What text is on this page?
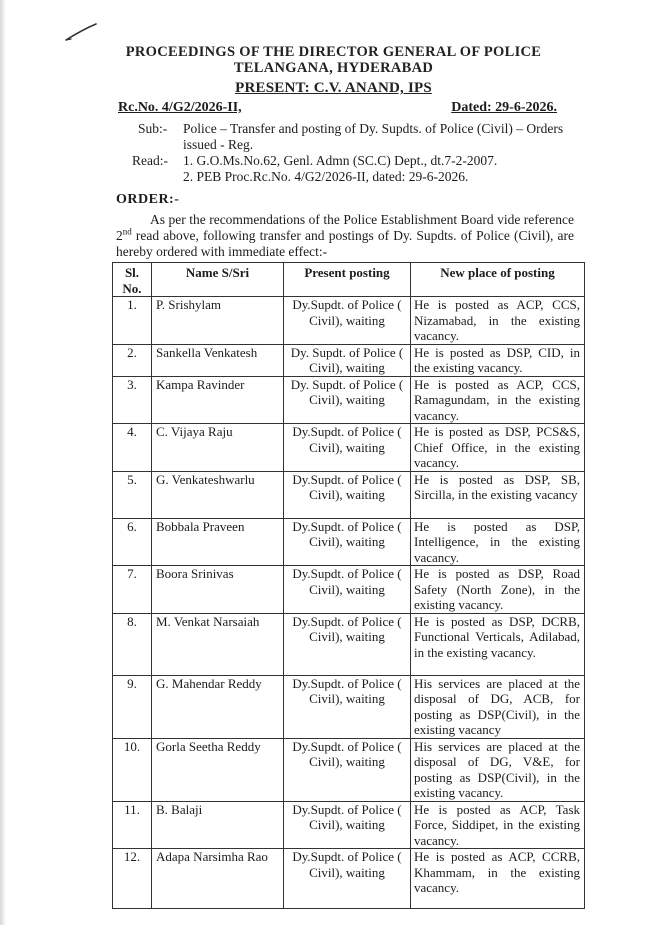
PROCEEDINGS OF THE DIRECTOR GENERAL OF POLICE
TELANGANA, HYDERABAD
PRESENT: C.V. ANAND, IPS
Rc.No. 4/G2/2026-II,	Dated: 29-6-2026.
Sub:- Police – Transfer and posting of Dy. Supdts. of Police (Civil) – Orders issued - Reg.
Read:- 1. G.O.Ms.No.62, Genl. Admn (SC.C) Dept., dt.7-2-2007.
2. PEB Proc.Rc.No. 4/G2/2026-II, dated: 29-6-2026.
ORDER:-
As per the recommendations of the Police Establishment Board vide reference 2nd read above, following transfer and postings of Dy. Supdts. of Police (Civil), are hereby ordered with immediate effect:-
Sl. No.	Name S/Sri	Present posting	New place of posting
1.	P. Srishylam	Dy.Supdt. of Police ( Civil), waiting	He is posted as ACP, CCS, Nizamabad, in the existing vacancy.
2.	Sankella Venkatesh	Dy. Supdt. of Police ( Civil), waiting	He is posted as DSP, CID, in the existing vacancy.
3.	Kampa Ravinder	Dy. Supdt. of Police ( Civil), waiting	He is posted as ACP, CCS, Ramagundam, in the existing vacancy.
4.	C. Vijaya Raju	Dy.Supdt. of Police ( Civil), waiting	He is posted as DSP, PCS&S, Chief Office, in the existing vacancy.
5.	G. Venkateshwarlu	Dy.Supdt. of Police ( Civil), waiting	He is posted as DSP, SB, Sircilla, in the existing vacancy
6.	Bobbala Praveen	Dy.Supdt. of Police ( Civil), waiting	He is posted as DSP, Intelligence, in the existing vacancy.
7.	Boora Srinivas	Dy.Supdt. of Police ( Civil), waiting	He is posted as DSP, Road Safety (North Zone), in the existing vacancy.
8.	M. Venkat Narsaiah	Dy.Supdt. of Police ( Civil), waiting	He is posted as DSP, DCRB, Functional Verticals, Adilabad, in the existing vacancy.
9.	G. Mahendar Reddy	Dy.Supdt. of Police ( Civil), waiting	His services are placed at the disposal of DG, ACB, for posting as DSP(Civil), in the existing vacancy
10.	Gorla Seetha Reddy	Dy.Supdt. of Police ( Civil), waiting	His services are placed at the disposal of DG, V&E, for posting as DSP(Civil), in the existing vacancy.
11.	B. Balaji	Dy.Supdt. of Police ( Civil), waiting	He is posted as ACP, Task Force, Siddipet, in the existing vacancy.
12.	Adapa Narsimha Rao	Dy.Supdt. of Police ( Civil), waiting	He is posted as ACP, CCRB, Khammam, in the existing vacancy.
